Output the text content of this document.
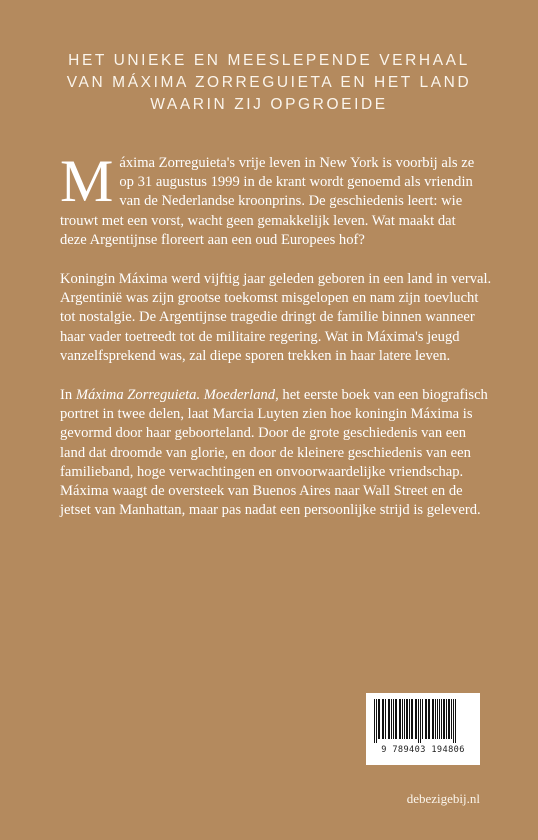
HET UNIEKE EN MEESLEPENDE VERHAAL
VAN MÁXIMA ZORREGUIETA EN HET LAND
WAARIN ZIJ OPGROEIDE
M áxima Zorreguieta's vrije leven in New York is voorbij als ze
op 31 augustus 1999 in de krant wordt genoemd als vriendin
van de Nederlandse kroonprins. De geschiedenis leert: wie
trouwt met een vorst, wacht geen gemakkelijk leven. Wat maakt dat
deze Argentijnse floreert aan een oud Europees hof?
Koningin Máxima werd vijftig jaar geleden geboren in een land in verval.
Argentinië was zijn grootse toekomst misgelopen en nam zijn toevlucht
tot nostalgie. De Argentijnse tragedie dringt de familie binnen wanneer
haar vader toetreedt tot de militaire regering. Wat in Máxima's jeugd
vanzelfsprekend was, zal diepe sporen trekken in haar latere leven.
In Máxima Zorreguieta. Moederland, het eerste boek van een biografisch
portret in twee delen, laat Marcia Luyten zien hoe koningin Máxima is
gevormd door haar geboorteland. Door de grote geschiedenis van een
land dat droomde van glorie, en door de kleinere geschiedenis van een
familieband, hoge verwachtingen en onvoorwaardelijke vriendschap.
Máxima waagt de oversteek van Buenos Aires naar Wall Street en de
jetset van Manhattan, maar pas nadat een persoonlijke strijd is geleverd.
9 789403 194806
debezigebij.nl
